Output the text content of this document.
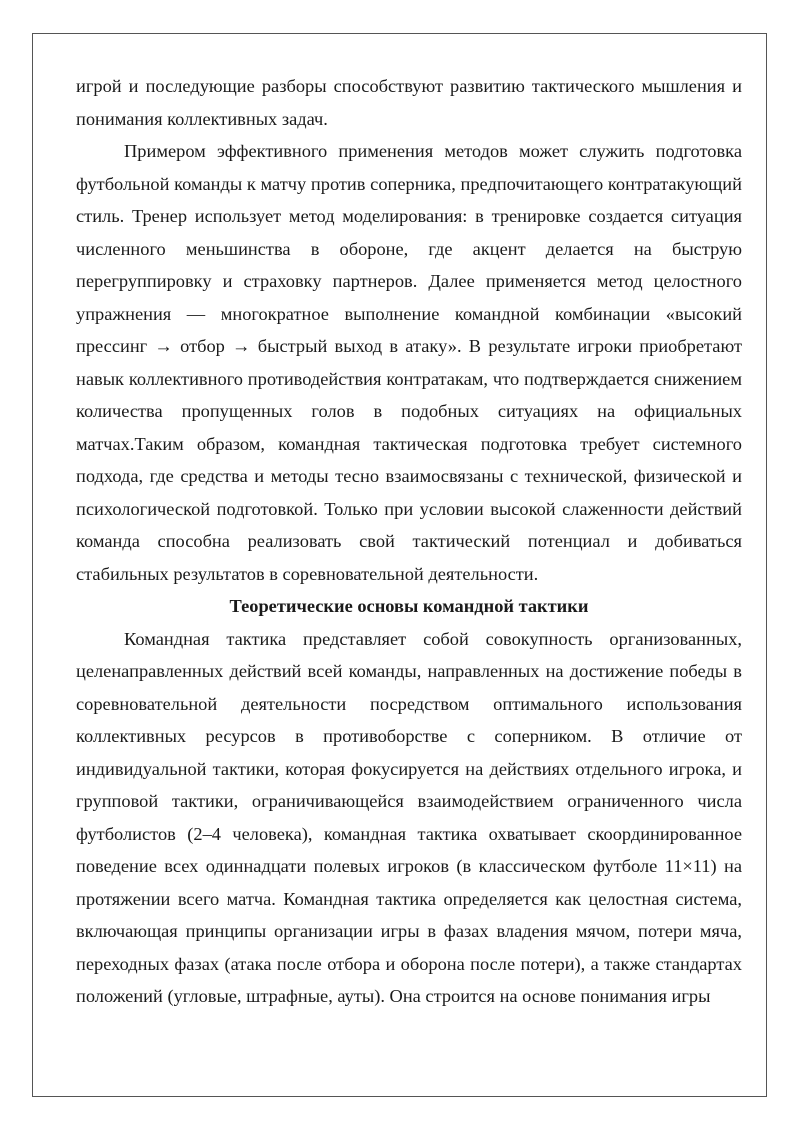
игрой и последующие разборы способствуют развитию тактического мышления и понимания коллективных задач.

Примером эффективного применения методов может служить подготовка футбольной команды к матчу против соперника, предпочитающего контратакующий стиль. Тренер использует метод моделирования: в тренировке создается ситуация численного меньшинства в обороне, где акцент делается на быструю перегруппировку и страховку партнеров. Далее применяется метод целостного упражнения — многократное выполнение командной комбинации «высокий прессинг → отбор → быстрый выход в атаку». В результате игроки приобретают навык коллективного противодействия контратакам, что подтверждается снижением количества пропущенных голов в подобных ситуациях на официальных матчах.Таким образом, командная тактическая подготовка требует системного подхода, где средства и методы тесно взаимосвязаны с технической, физической и психологической подготовкой. Только при условии высокой слаженности действий команда способна реализовать свой тактический потенциал и добиваться стабильных результатов в соревновательной деятельности.

Теоретические основы командной тактики

Командная тактика представляет собой совокупность организованных, целенаправленных действий всей команды, направленных на достижение победы в соревновательной деятельности посредством оптимального использования коллективных ресурсов в противоборстве с соперником. В отличие от индивидуальной тактики, которая фокусируется на действиях отдельного игрока, и групповой тактики, ограничивающейся взаимодействием ограниченного числа футболистов (2–4 человека), командная тактика охватывает скоординированное поведение всех одиннадцати полевых игроков (в классическом футболе 11×11) на протяжении всего матча. Командная тактика определяется как целостная система, включающая принципы организации игры в фазах владения мячом, потери мяча, переходных фазах (атака после отбора и оборона после потери), а также стандартах положений (угловые, штрафные, ауты). Она строится на основе понимания игры
